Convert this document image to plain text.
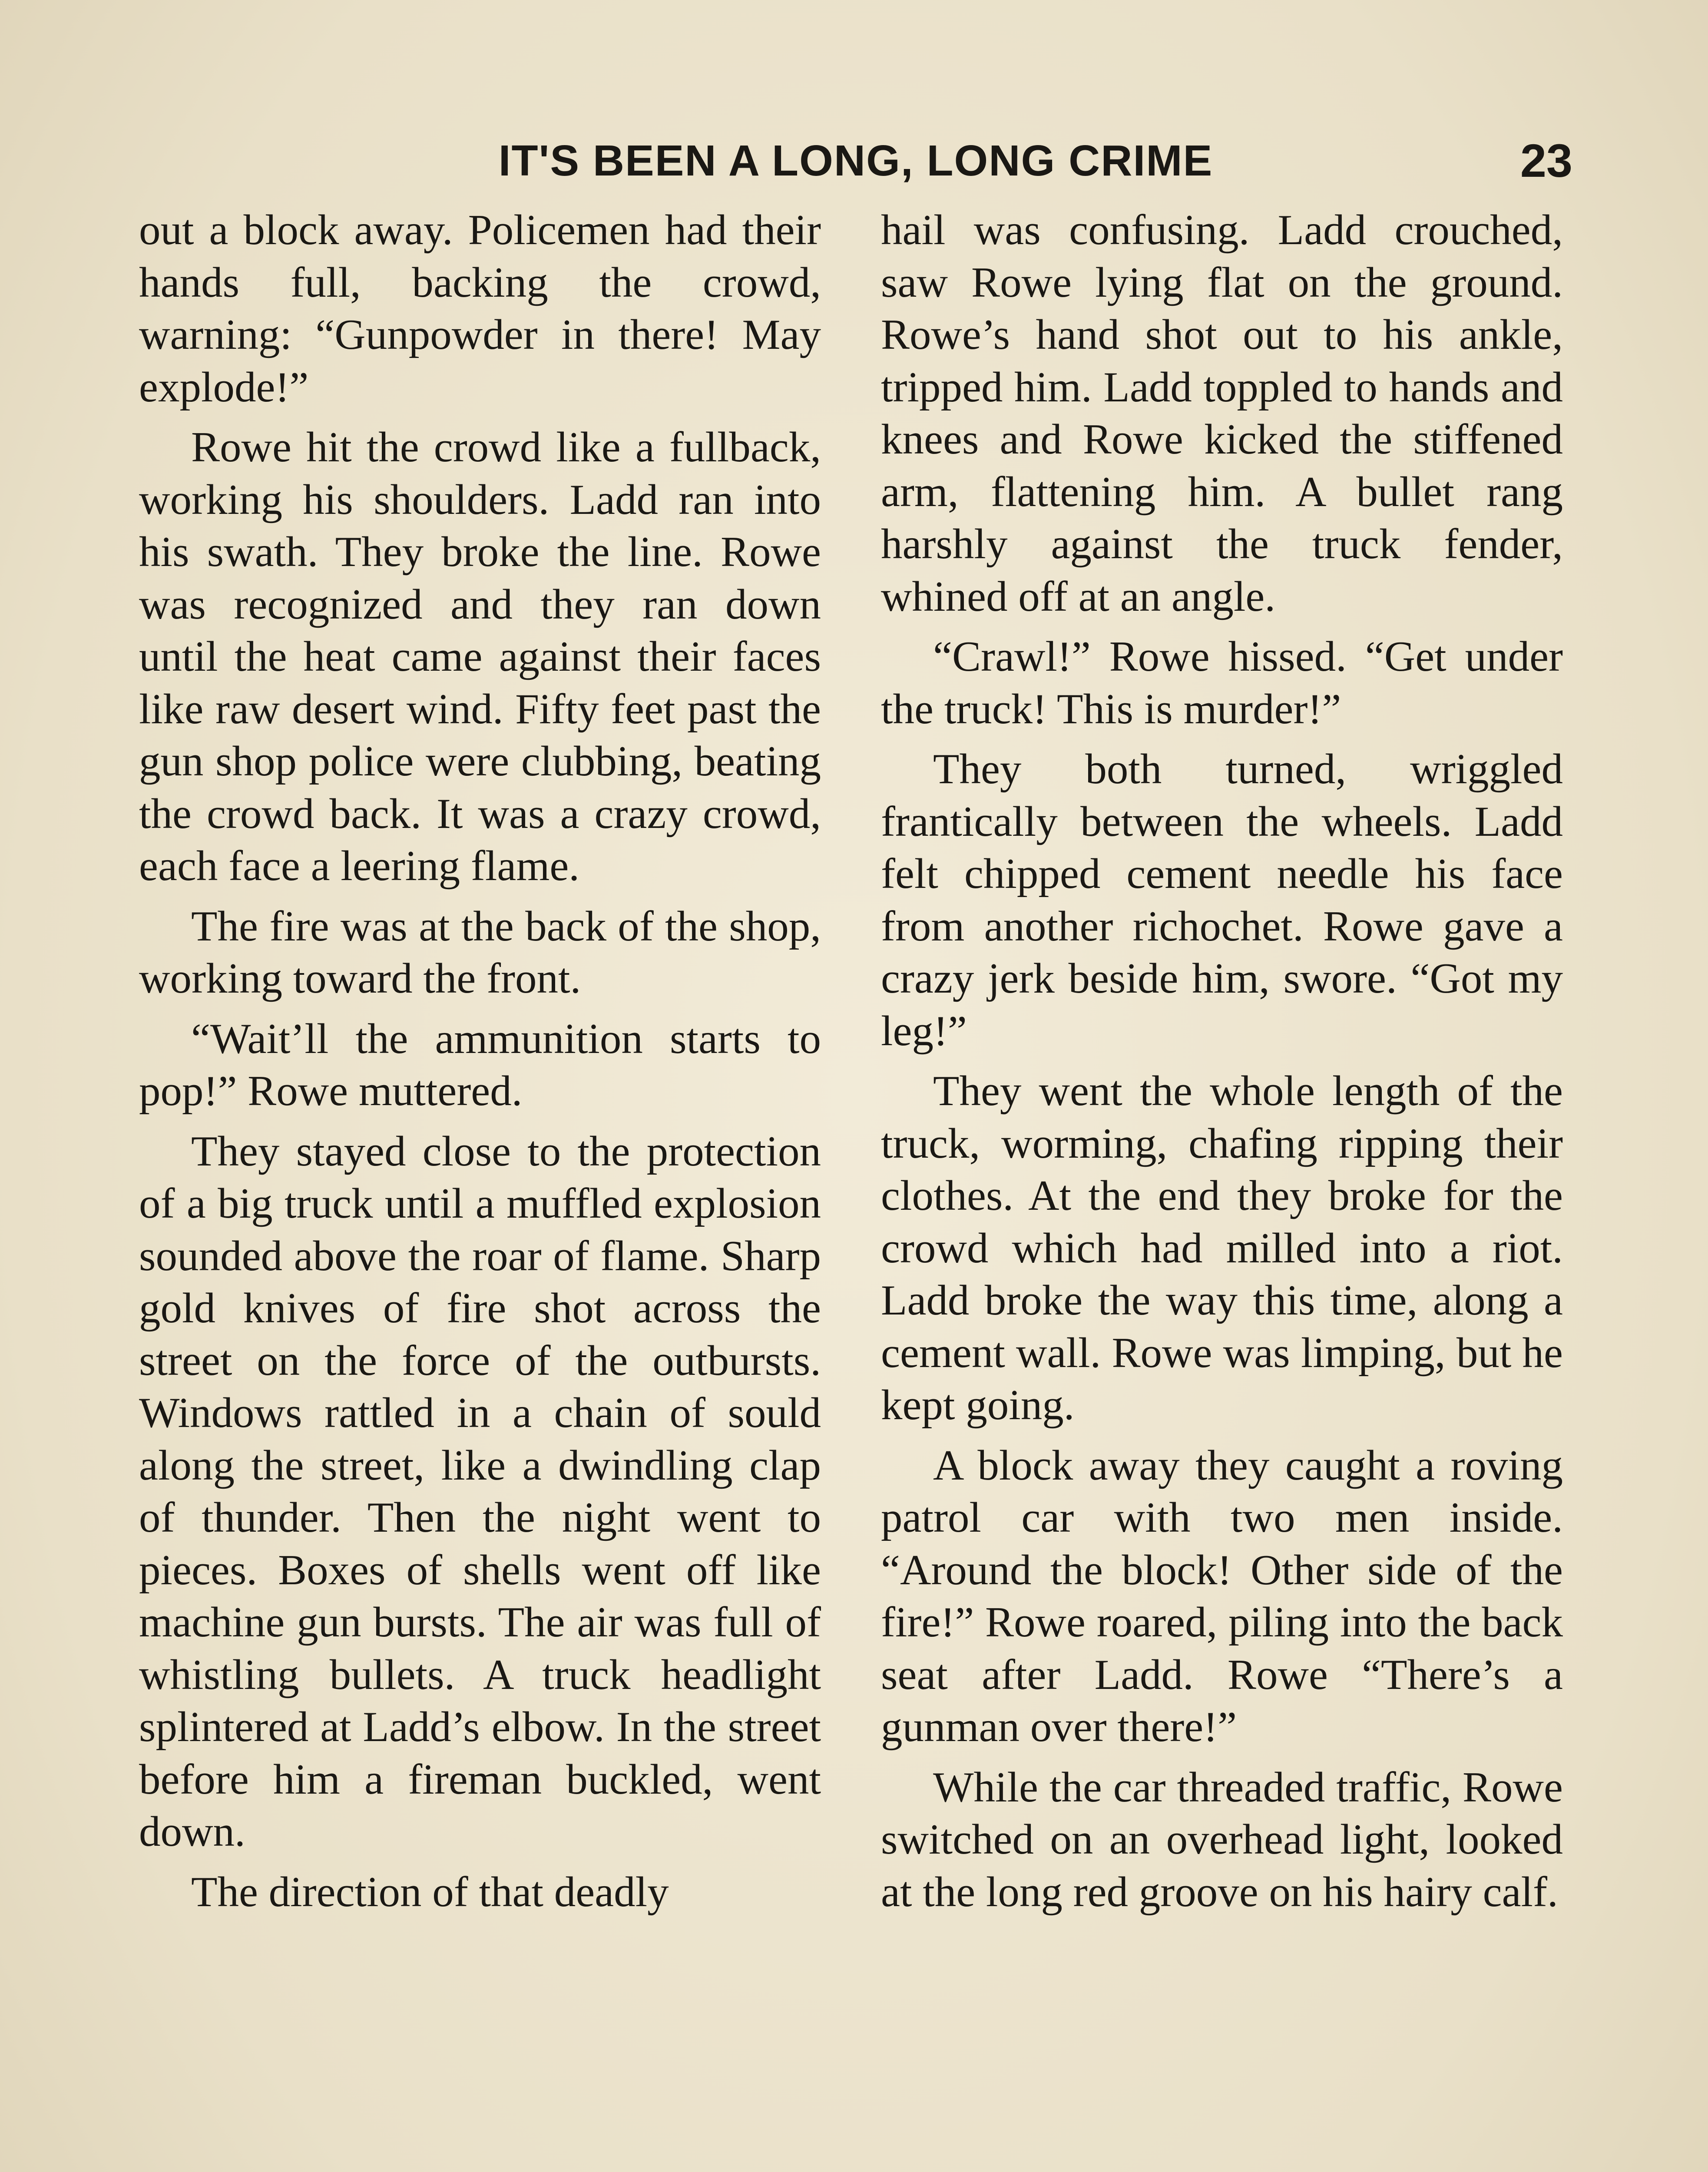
IT'S BEEN A LONG, LONG CRIME	23

out a block away. Policemen had their hands full, backing the crowd, warning: “Gunpowder in there! May explode!”

Rowe hit the crowd like a fullback, working his shoulders. Ladd ran into his swath. They broke the line. Rowe was recognized and they ran down until the heat came against their faces like raw desert wind. Fifty feet past the gun shop police were clubbing, beating the crowd back. It was a crazy crowd, each face a leering flame.

The fire was at the back of the shop, working toward the front.

“Wait’ll the ammunition starts to pop!” Rowe muttered.

They stayed close to the protection of a big truck until a muffled explosion sounded above the roar of flame. Sharp gold knives of fire shot across the street on the force of the outbursts. Windows rattled in a chain of sould along the street, like a dwindling clap of thunder. Then the night went to pieces. Boxes of shells went off like machine gun bursts. The air was full of whistling bullets. A truck headlight splintered at Ladd’s elbow. In the street before him a fireman buckled, went down.

The direction of that deadly

hail was confusing. Ladd crouched, saw Rowe lying flat on the ground. Rowe’s hand shot out to his ankle, tripped him. Ladd toppled to hands and knees and Rowe kicked the stiffened arm, flattening him. A bullet rang harshly against the truck fender, whined off at an angle.

“Crawl!” Rowe hissed. “Get under the truck! This is murder!”

They both turned, wriggled frantically between the wheels. Ladd felt chipped cement needle his face from another richochet. Rowe gave a crazy jerk beside him, swore. “Got my leg!”

They went the whole length of the truck, worming, chafing ripping their clothes. At the end they broke for the crowd which had milled into a riot. Ladd broke the way this time, along a cement wall. Rowe was limping, but he kept going.

A block away they caught a roving patrol car with two men inside. “Around the block! Other side of the fire!” Rowe roared, piling into the back seat after Ladd. Rowe “There’s a gunman over there!”

While the car threaded traffic, Rowe switched on an overhead light, looked at the long red groove on his hairy calf.
